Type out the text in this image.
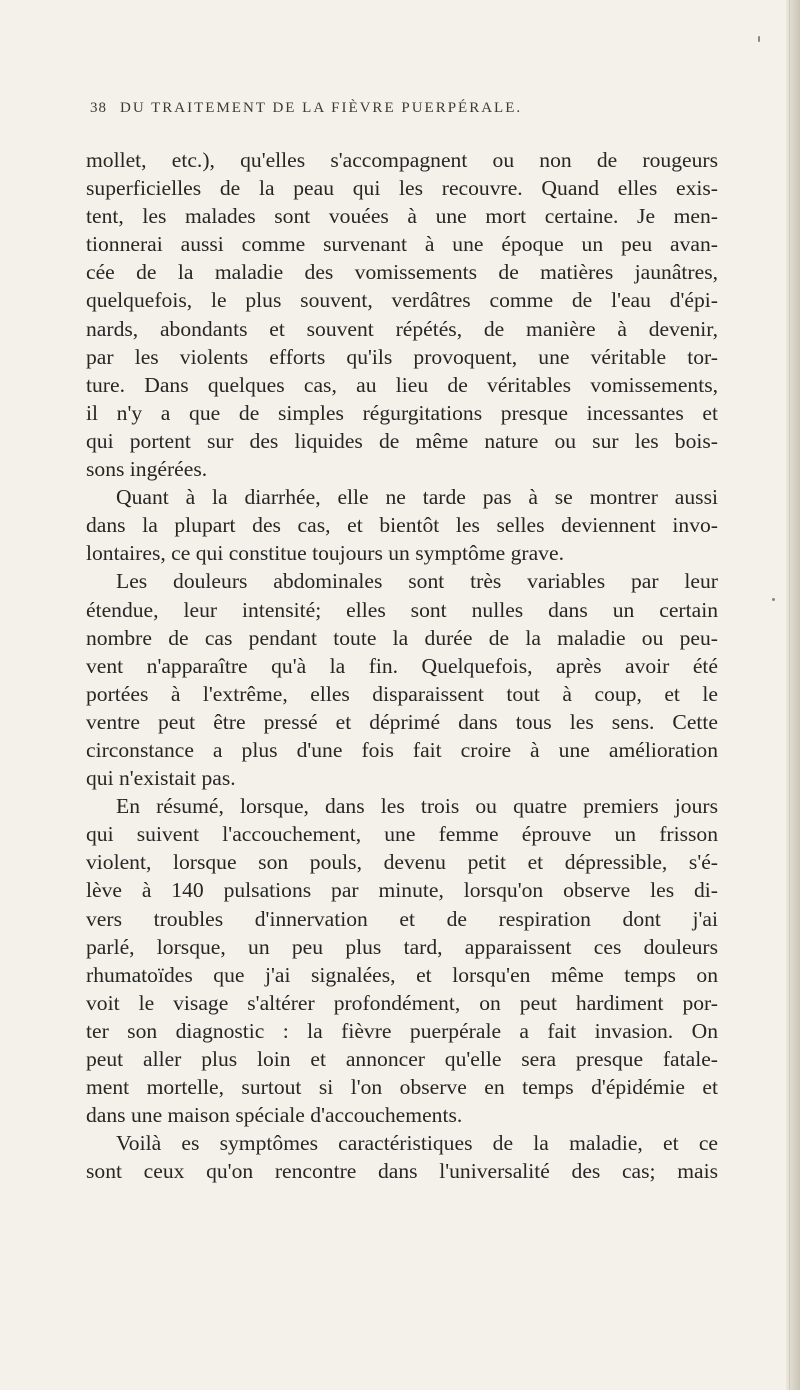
38 DU TRAITEMENT DE LA FIÈVRE PUERPÉRALE.
mollet, etc.), qu'elles s'accompagnent ou non de rougeurs
superficielles de la peau qui les recouvre. Quand elles exis-
tent, les malades sont vouées à une mort certaine. Je men-
tionnerai aussi comme survenant à une époque un peu avan-
cée de la maladie des vomissements de matières jaunâtres,
quelquefois, le plus souvent, verdâtres comme de l'eau d'épi-
nards, abondants et souvent répétés, de manière à devenir,
par les violents efforts qu'ils provoquent, une véritable tor-
ture. Dans quelques cas, au lieu de véritables vomissements,
il n'y a que de simples régurgitations presque incessantes et
qui portent sur des liquides de même nature ou sur les bois-
sons ingérées.
Quant à la diarrhée, elle ne tarde pas à se montrer aussi
dans la plupart des cas, et bientôt les selles deviennent invo-
lontaires, ce qui constitue toujours un symptôme grave.
Les douleurs abdominales sont très variables par leur
étendue, leur intensité; elles sont nulles dans un certain
nombre de cas pendant toute la durée de la maladie ou peu-
vent n'apparaître qu'à la fin. Quelquefois, après avoir été
portées à l'extrême, elles disparaissent tout à coup, et le
ventre peut être pressé et déprimé dans tous les sens. Cette
circonstance a plus d'une fois fait croire à une amélioration
qui n'existait pas.
En résumé, lorsque, dans les trois ou quatre premiers jours
qui suivent l'accouchement, une femme éprouve un frisson
violent, lorsque son pouls, devenu petit et dépressible, s'é-
lève à 140 pulsations par minute, lorsqu'on observe les di-
vers troubles d'innervation et de respiration dont j'ai
parlé, lorsque, un peu plus tard, apparaissent ces douleurs
rhumatoïdes que j'ai signalées, et lorsqu'en même temps on
voit le visage s'altérer profondément, on peut hardiment por-
ter son diagnostic : la fièvre puerpérale a fait invasion. On
peut aller plus loin et annoncer qu'elle sera presque fatale-
ment mortelle, surtout si l'on observe en temps d'épidémie et
dans une maison spéciale d'accouchements.
Voilà es symptômes caractéristiques de la maladie, et ce
sont ceux qu'on rencontre dans l'universalité des cas; mais
